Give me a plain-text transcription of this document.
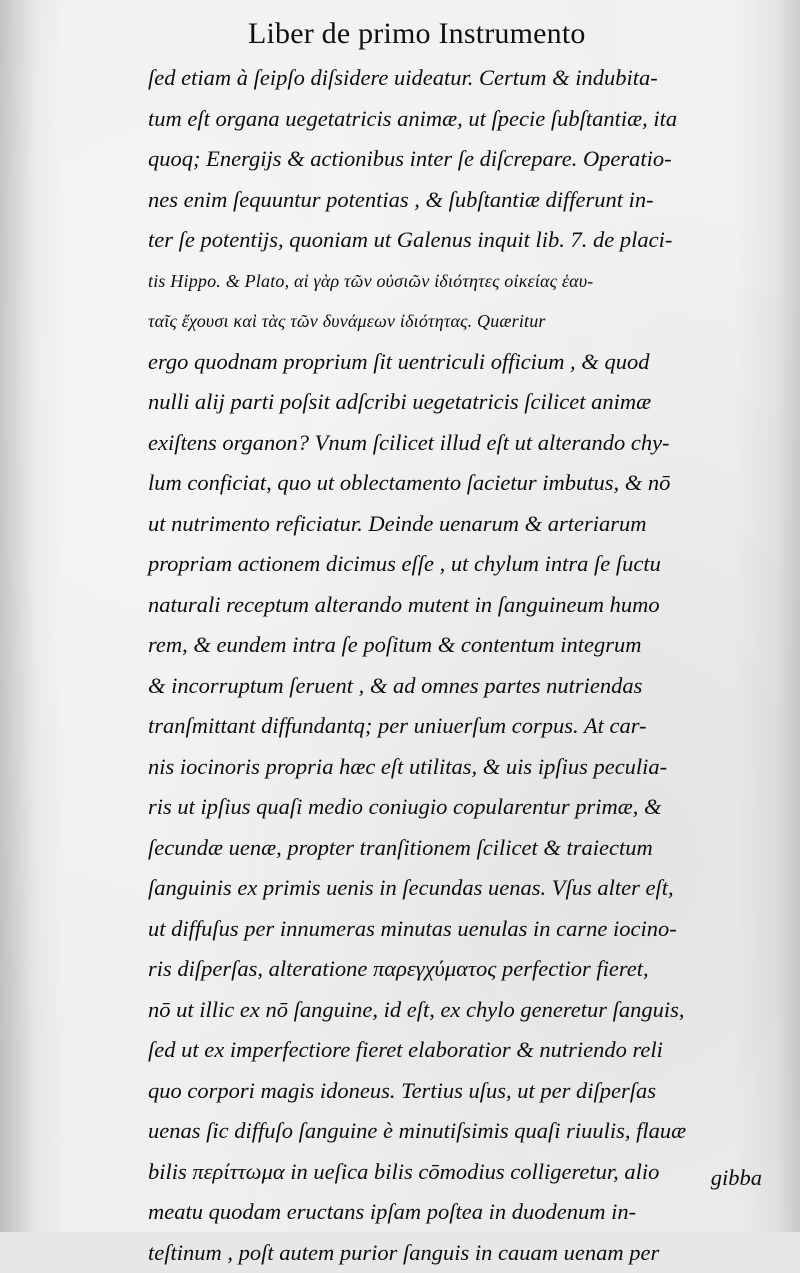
Liber de primo Instrumento
ſed etiam à ſeipſo diſsidere uideatur. Certum & indubita-
tum eſt organa uegetatricis animæ, ut ſpecie ſubſtantiæ, ita
quoq; Energijs & actionibus inter ſe diſcrepare. Operatio-
nes enim ſequuntur potentias , & ſubſtantiæ differunt in-
ter ſe potentijs, quoniam ut Galenus inquit lib. 7. de placi-
tis Hippo. & Plato, αἱ γὰρ τῶν οὐσιῶν ἰδιότητες οἰκείας ἑαυ-
ταῖς ἔχουσι καὶ τὰς τῶν δυνάμεων ἰδιότητας. Quæritur
ergo quodnam proprium ſit uentriculi officium , & quod
nulli alij parti poſsit adſcribi uegetatricis ſcilicet animæ
exiſtens organon? Vnum ſcilicet illud eſt ut alterando chy-
lum conficiat, quo ut oblectamento ſacietur imbutus, & nō
ut nutrimento reficiatur. Deinde uenarum & arteriarum
propriam actionem dicimus eſſe , ut chylum intra ſe ſuctu
naturali receptum alterando mutent in ſanguineum humo
rem, & eundem intra ſe poſitum & contentum integrum
& incorruptum ſeruent , & ad omnes partes nutriendas
tranſmittant diffundantq; per uniuerſum corpus. At car-
nis iocinoris propria hæc eſt utilitas, & uis ipſius peculia-
ris ut ipſius quaſi medio coniugio copularentur primæ, &
ſecundæ uenæ, propter tranſitionem ſcilicet & traiectum
ſanguinis ex primis uenis in ſecundas uenas. Vſus alter eſt,
ut diffuſus per innumeras minutas uenulas in carne iocino-
ris diſperſas, alteratione παρεγχύματος perfectior fieret,
nō ut illic ex nō ſanguine, id eſt, ex chylo generetur ſanguis,
ſed ut ex imperfectiore fieret elaboratior & nutriendo reli
quo corpori magis idoneus. Tertius uſus, ut per diſperſas
uenas ſic diffuſo ſanguine è minutiſsimis quaſi riuulis, flauæ
bilis περίττωμα in ueſica bilis cōmodius colligeretur, alio
meatu quodam eructans ipſam poſtea in duodenum in-
teſtinum , poſt autem purior ſanguis in cauam uenam per
gibba
